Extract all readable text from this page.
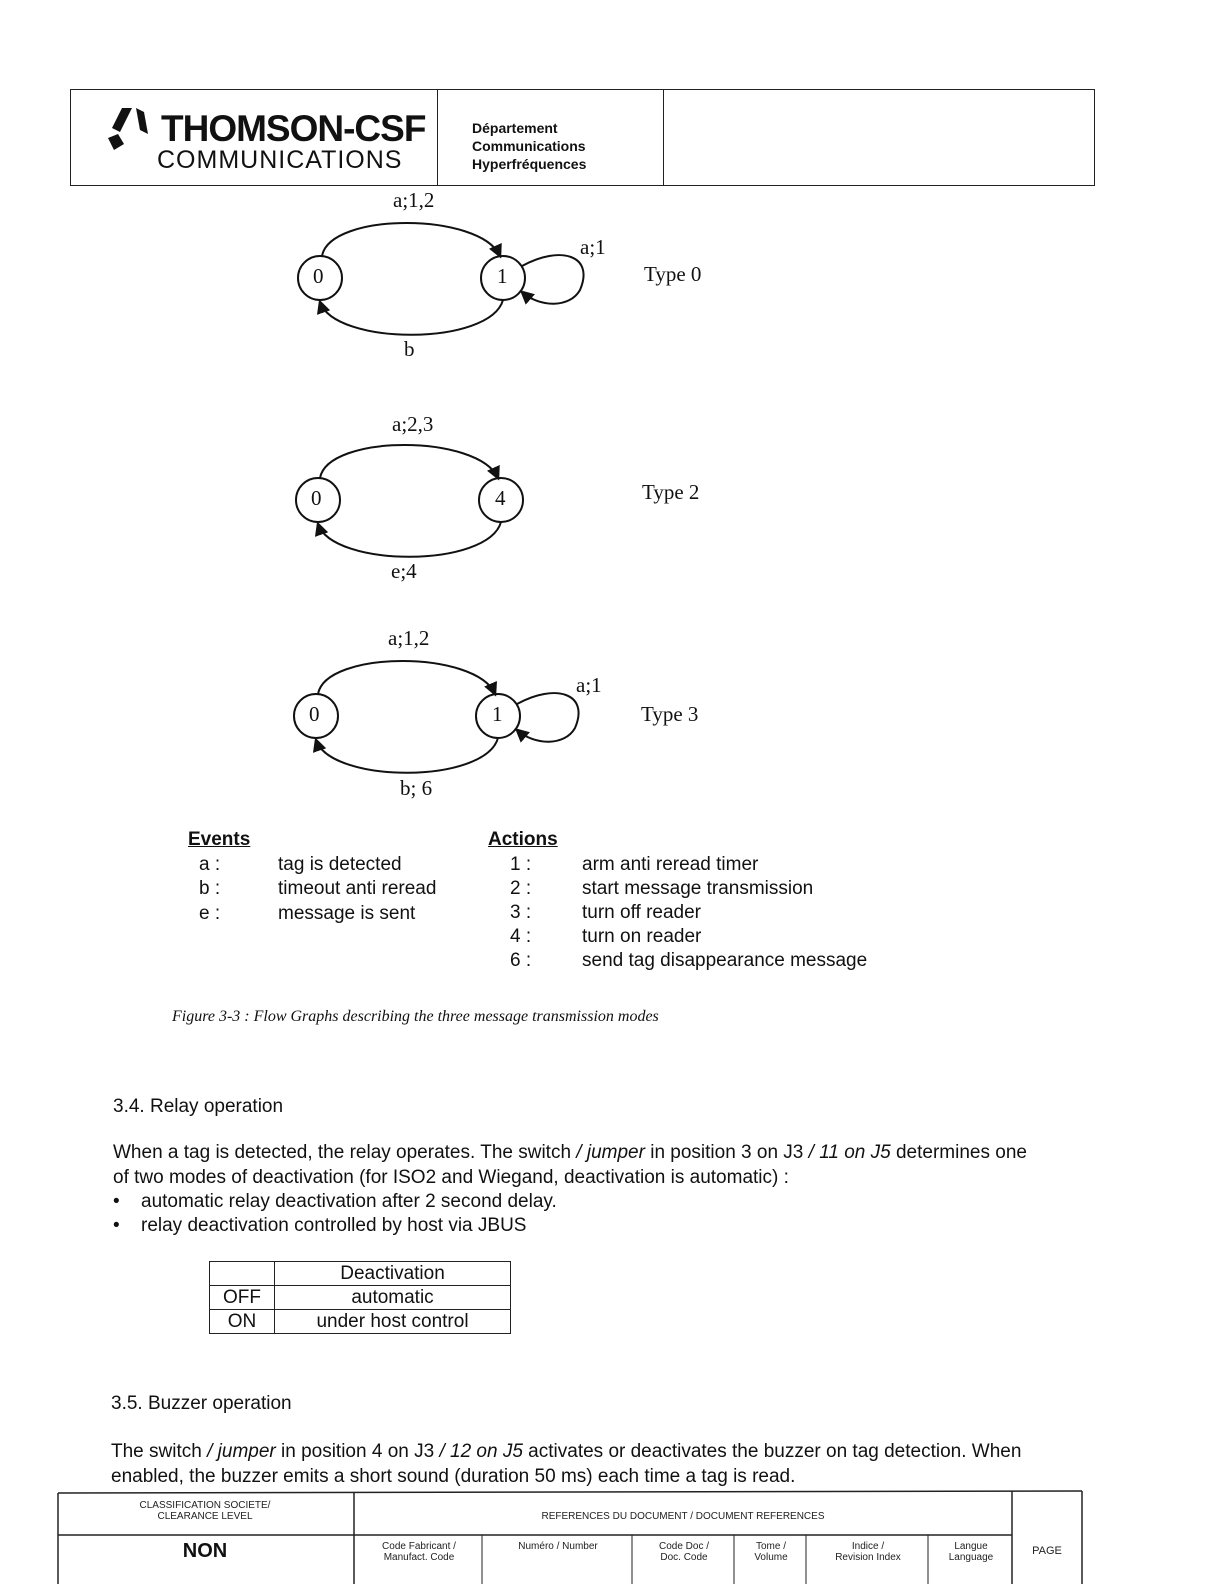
THOMSON-CSF
COMMUNICATIONS
Département
Communications
Hyperfréquences
a;1,2
a;1
0	1	Type 0
b
a;2,3
0	4	Type 2
e;4
a;1,2
a;1
0	1	Type 3
b; 6
Events
a :	tag is detected
b :	timeout anti reread
e :	message is sent
Actions
1 :	arm anti reread timer
2 :	start message transmission
3 :	turn off reader
4 :	turn on reader
6 :	send tag disappearance message
Figure 3-3 : Flow Graphs describing the three message transmission modes
3.4. Relay operation
When a tag is detected, the relay operates. The switch / jumper in position 3 on J3 / 11 on J5 determines one
of two modes of deactivation (for ISO2 and Wiegand, deactivation is automatic) :
• automatic relay deactivation after 2 second delay.
• relay deactivation controlled by host via JBUS
	Deactivation
OFF	automatic
ON	under host control
3.5. Buzzer operation
The switch / jumper in position 4 on J3 / 12 on J5 activates or deactivates the buzzer on tag detection. When
enabled, the buzzer emits a short sound (duration 50 ms) each time a tag is read.
CLASSIFICATION SOCIETE/
CLEARANCE LEVEL
NON
REFERENCES DU DOCUMENT / DOCUMENT REFERENCES
Code Fabricant /
Manufact. Code
Numéro / Number	Code Doc /
Doc. Code
Tome /
Volume
Indice /
Revision Index
Langue
Language
PAGE
